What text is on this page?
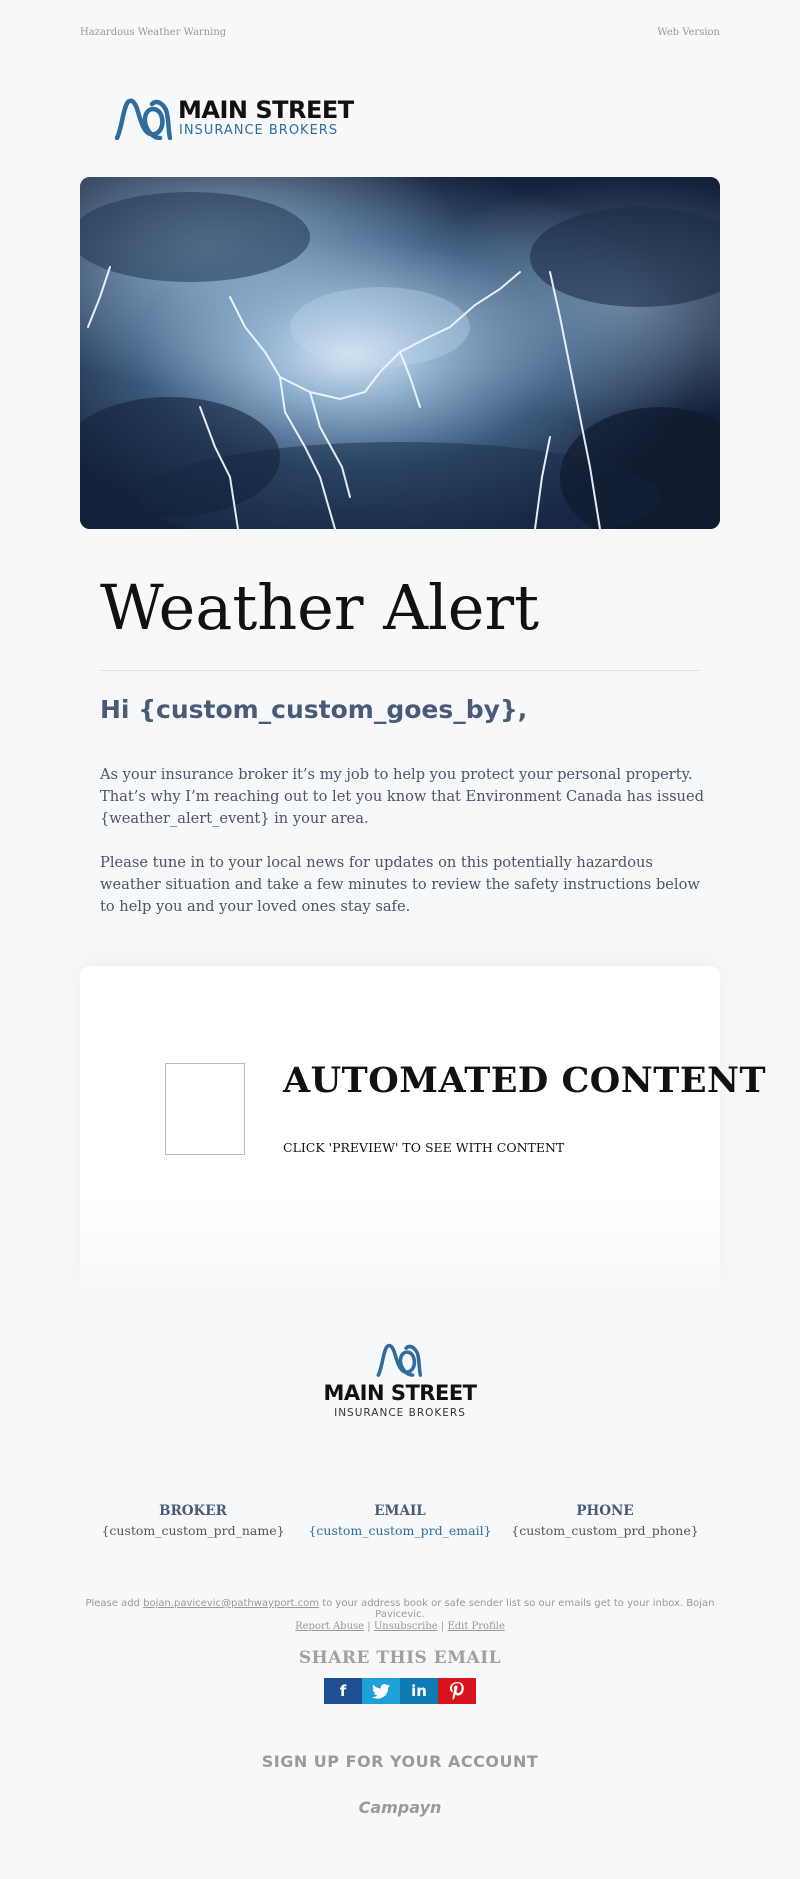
Hazardous Weather Warning	Web Version
MAIN STREET
INSURANCE BROKERS
Weather Alert
Hi {custom_custom_goes_by},

As your insurance broker it’s my job to help you protect your personal property. That’s why I’m reaching out to let you know that Environment Canada has issued {weather_alert_event} in your area.

Please tune in to your local news for updates on this potentially hazardous weather situation and take a few minutes to review the safety instructions below to help you and your loved ones stay safe.

AUTOMATED CONTENT
CLICK 'PREVIEW' TO SEE WITH CONTENT
MAIN STREET
INSURANCE BROKERS
BROKER
{custom_custom_prd_name}
EMAIL
{custom_custom_prd_email}
PHONE
{custom_custom_prd_phone}
Please add bojan.pavicevic@pathwayport.com to your address book or safe sender list so our emails get to your inbox. Bojan Pavicevic.
Report Abuse | Unsubscribe | Edit Profile
SHARE THIS EMAIL
f	in
SIGN UP FOR YOUR ACCOUNT
Campayn
